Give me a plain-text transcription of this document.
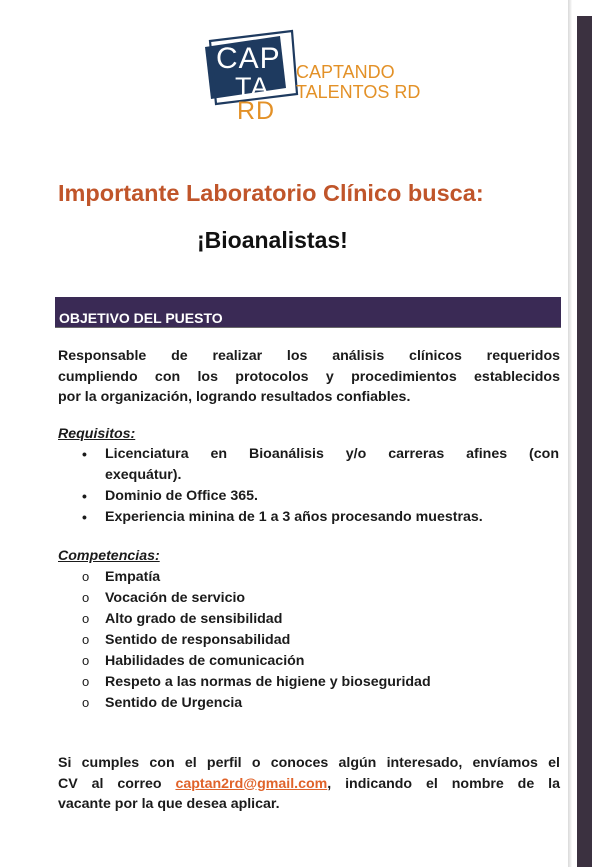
CAP
TA
RD
CAPTANDO
TALENTOS RD
Importante Laboratorio Clínico busca:
¡Bioanalistas!
OBJETIVO DEL PUESTO
Responsable de realizar los análisis clínicos requeridos
cumpliendo con los protocolos y procedimientos establecidos
por la organización, logrando resultados confiables.
Requisitos:
• Licenciatura en Bioanálisis y/o carreras afines (con
exequátur).
• Dominio de Office 365.
• Experiencia minina de 1 a 3 años procesando muestras.
Competencias:
o Empatía
o Vocación de servicio
o Alto grado de sensibilidad
o Sentido de responsabilidad
o Habilidades de comunicación
o Respeto a las normas de higiene y bioseguridad
o Sentido de Urgencia
Si cumples con el perfil o conoces algún interesado, envíamos el
CV al correo captan2rd@gmail.com, indicando el nombre de la
vacante por la que desea aplicar.
